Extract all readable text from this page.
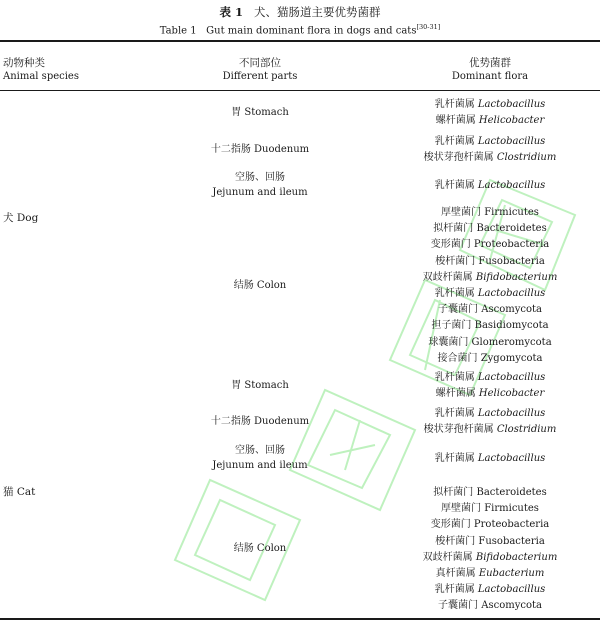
表 1 犬、猫肠道主要优势菌群
Table 1 Gut main dominant flora in dogs and cats[30-31]
动物种类
Animal species
不同部位
Different parts
优势菌群
Dominant flora
犬 Dog
胃 Stomach
乳杆菌属 Lactobacillus
螺杆菌属 Helicobacter
十二指肠 Duodenum
乳杆菌属 Lactobacillus
梭状芽孢杆菌属 Clostridium
空肠、回肠
Jejunum and ileum
乳杆菌属 Lactobacillus
结肠 Colon
厚壁菌门 Firmicutes
拟杆菌门 Bacteroidetes
变形菌门 Proteobacteria
梭杆菌门 Fusobacteria
双歧杆菌属 Bifidobacterium
乳杆菌属 Lactobacillus
子囊菌门 Ascomycota
担子菌门 Basidiomycota
球囊菌门 Glomeromycota
接合菌门 Zygomycota
猫 Cat
胃 Stomach
乳杆菌属 Lactobacillus
螺杆菌属 Helicobacter
十二指肠 Duodenum
乳杆菌属 Lactobacillus
梭状芽孢杆菌属 Clostridium
空肠、回肠
Jejunum and ileum
乳杆菌属 Lactobacillus
结肠 Colon
拟杆菌门 Bacteroidetes
厚壁菌门 Firmicutes
变形菌门 Proteobacteria
梭杆菌门 Fusobacteria
双歧杆菌属 Bifidobacterium
真杆菌属 Eubacterium
乳杆菌属 Lactobacillus
子囊菌门 Ascomycota
